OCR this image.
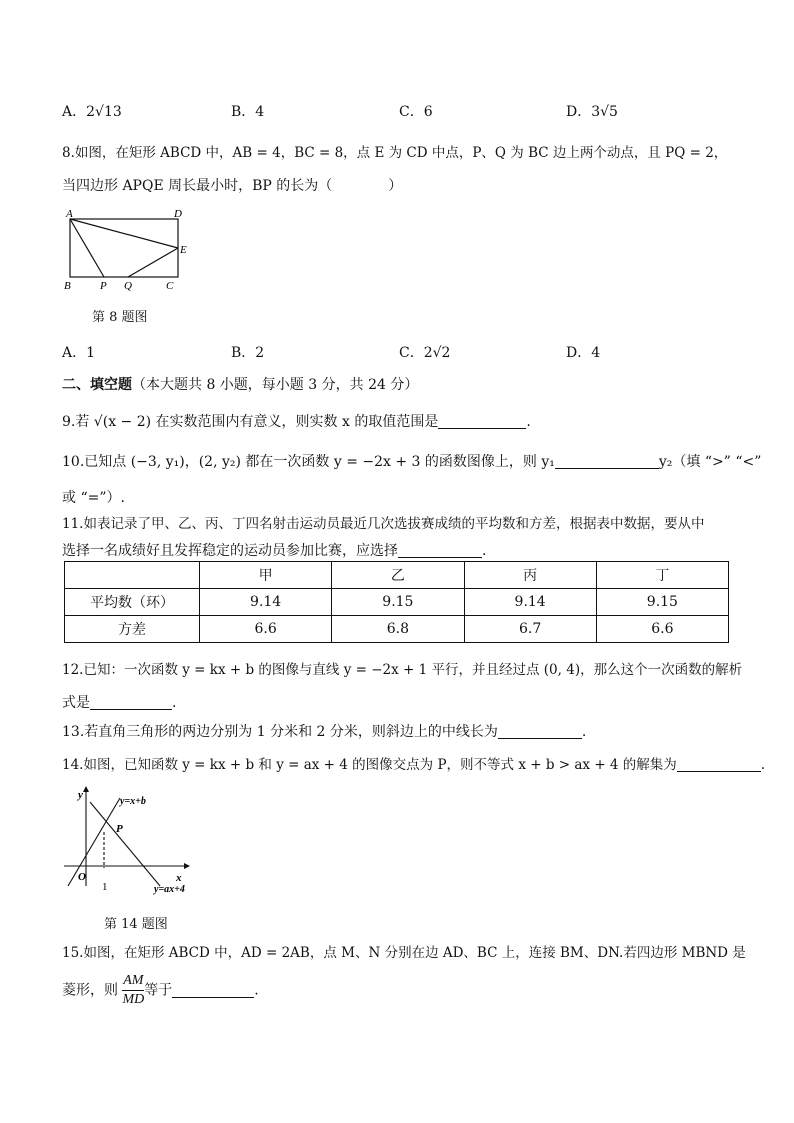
A．2√13	B．4	C．6	D．3√5
8.如图，在矩形 ABCD 中，AB = 4，BC = 8，点 E 为 CD 中点，P、Q 为 BC 边上两个动点，且 PQ = 2，
当四边形 APQE 周长最小时，BP 的长为（　　　　）
A	D
E
B	P Q	C
第 8 题图
A．1	B．2	C．2√2	D．4
二、填空题（本大题共 8 小题，每小题 3 分，共 24 分）
9.若 √(x − 2) 在实数范围内有意义，则实数 x 的取值范围是	.
10.已知点 (−3, y₁)，(2, y₂) 都在一次函数 y = −2x + 3 的函数图像上，则 y₁	y₂（填 “>” “<”
或 “=”）.
11.如表记录了甲、乙、丙、丁四名射击运动员最近几次选拔赛成绩的平均数和方差，根据表中数据，要从中
选择一名成绩好且发挥稳定的运动员参加比赛，应选择	.
	甲	乙	丙	丁
平均数（环）	9.14	9.15	9.14	9.15
方差	6.6	6.8	6.7	6.6
12.已知：一次函数 y = kx + b 的图像与直线 y = −2x + 1 平行，并且经过点 (0, 4)，那么这个一次函数的解析
式是	.
13.若直角三角形的两边分别为 1 分米和 2 分米，则斜边上的中线长为	.
14.如图，已知函数 y = kx + b 和 y = ax + 4 的图像交点为 P，则不等式 x + b > ax + 4 的解集为	.
y
x
O
1
P
y=x+b
y=ax+4
第 14 题图
15.如图，在矩形 ABCD 中，AD = 2AB，点 M、N 分别在边 AD、BC 上，连接 BM、DN.若四边形 MBND 是
菱形，则 $\frac{AM}{MD}$ 等于	.
